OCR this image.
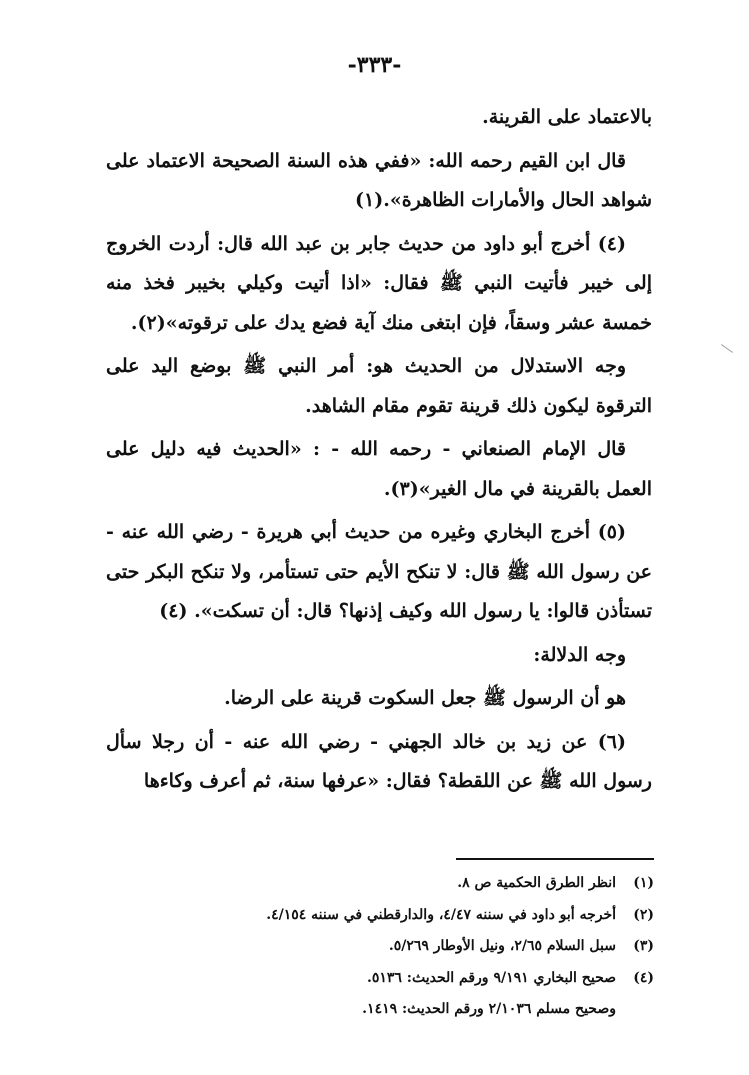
-٣٣٣-

بالاعتماد على القرينة.

قال ابن القيم رحمه الله: «ففي هذه السنة الصحيحة الاعتماد على شواهد الحال والأمارات الظاهرة».(١)

(٤) أخرج أبو داود من حديث جابر بن عبد الله قال: أردت الخروج إلى خيبر فأتيت النبي ﷺ فقال: «اذا أتيت وكيلي بخيبر فخذ منه خمسة عشر وسقاً، فإن ابتغى منك آية فضع يدك على ترقوته»(٢).

وجه الاستدلال من الحديث هو: أمر النبي ﷺ بوضع اليد على الترقوة ليكون ذلك قرينة تقوم مقام الشاهد.

قال الإمام الصنعاني - رحمه الله - : «الحديث فيه دليل على العمل بالقرينة في مال الغير»(٣).

(٥) أخرج البخاري وغيره من حديث أبي هريرة - رضي الله عنه - عن رسول الله ﷺ قال: لا تنكح الأيم حتى تستأمر، ولا تنكح البكر حتى تستأذن قالوا: يا رسول الله وكيف إذنها؟ قال: أن تسكت». (٤)

وجه الدلالة:

هو أن الرسول ﷺ جعل السكوت قرينة على الرضا.

(٦) عن زيد بن خالد الجهني - رضي الله عنه - أن رجلا سأل رسول الله ﷺ عن اللقطة؟ فقال: «عرفها سنة، ثم أعرف وكاءها

(١)انظر الطرق الحكمية ص ٨.
(٢)أخرجه أبو داود في سننه ٤/٤٧، والدارقطني في سننه ٤/١٥٤.
(٣)سبل السلام ٢/٦٥، ونيل الأوطار ٥/٢٦٩.
(٤)صحيح البخاري ٩/١٩١ ورقم الحديث: ٥١٣٦.
وصحيح مسلم ٢/١٠٣٦ ورقم الحديث: ١٤١٩.
